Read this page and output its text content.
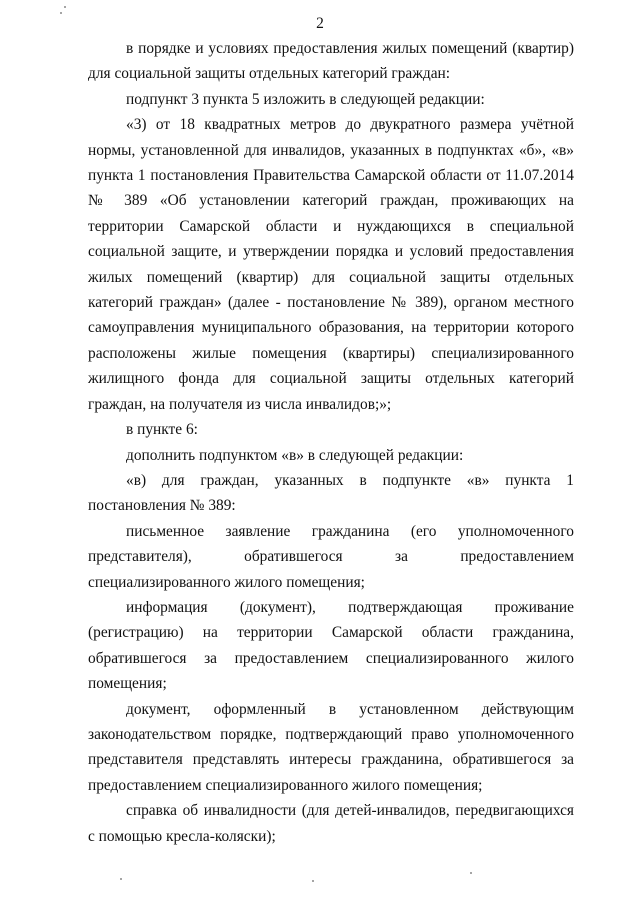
2

в порядке и условиях предоставления жилых помещений (квартир) для социальной защиты отдельных категорий граждан:

подпункт 3 пункта 5 изложить в следующей редакции:

«3) от 18 квадратных метров до двукратного размера учётной нормы, установленной для инвалидов, указанных в подпунктах «б», «в» пункта 1 постановления Правительства Самарской области от 11.07.2014 № 389 «Об установлении категорий граждан, проживающих на территории Самарской области и нуждающихся в специальной социальной защите, и утверждении порядка и условий предоставления жилых помещений (квартир) для социальной защиты отдельных категорий граждан» (далее - постановление № 389), органом местного самоуправления муниципального образования, на территории которого расположены жилые помещения (квартиры) специализированного жилищного фонда для социальной защиты отдельных категорий граждан, на получателя из числа инвалидов;»;

в пункте 6:

дополнить подпунктом «в» в следующей редакции:

«в) для граждан, указанных в подпункте «в» пункта 1 постановления № 389:

письменное заявление гражданина (его уполномоченного представителя), обратившегося за предоставлением специализированного жилого помещения;

информация (документ), подтверждающая проживание (регистрацию) на территории Самарской области гражданина, обратившегося за предоставлением специализированного жилого помещения;

документ, оформленный в установленном действующим законодательством порядке, подтверждающий право уполномоченного представителя представлять интересы гражданина, обратившегося за предоставлением специализированного жилого помещения;

справка об инвалидности (для детей-инвалидов, передвигающихся с помощью кресла-коляски);
